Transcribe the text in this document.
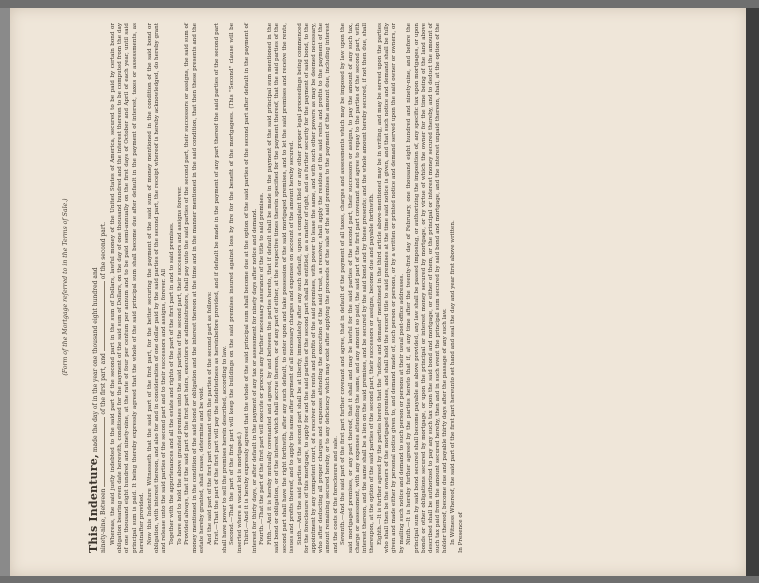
(Form of the Mortgage referred to in the Terms of Sale.)
This Indenture, made the day of in the year one thousand eight hundred and
ninety-nine, Between  of the first part, and  of the second part. Whereas, the said justly indebted to the said part of the second part in the sum of Dollars, lawful money of the United States of America, secured to be paid by certain bond or obligation bearing even date herewith, conditioned for the payment of the said sum of Dollars, on the day of one thousand hundred and the interest thereon to be computed from the day of one thousand eight hundred and ninety-nine, at the rate of four per centum per annum and to be paid semi-annually on the first days of October and April of each year, until said principal sum is paid. It being thereby expressly agreed that the whole of the said principal sum shall become due after default in the payment of interest, taxes or assessments, as hereinafter provided. Now this Indenture Witnesseth that the said part of the first part, for the better securing the payment of the said sum of money mentioned in the condition of the said bond or obligation, with interest thereon, and also for and in consideration of one dollar paid by the said parties of the second part, the receipt whereof is hereby acknowledged, do hereby grant and release unto the said parties of the second part and to their successors and assigns, forever. All Together with the appurtenances and all the estate and rights of the part of the first part in and to said premises. To have and to hold the above granted premises unto the said parties of the second part, their successors and assigns forever. Provided always, that if the said part of the first part heirs, executors or administrators, shall pay unto the said parties of the second part, their successors or assigns, the said sum of money mentioned in the condition of the said bond or obligation and the interest thereon at the time and in the manner mentioned in the said condition, that then these presents and the estate hereby granted, shall cease, determine and be void. And the said part of the first part covenant with the parties of the second part as follows: First.—That the part of the first part will pay the indebtedness as hereinbefore provided, and if default be made in the payment of any part thereof the said parties of the second part shall have power to sell the premises herein described, according to law. Second.—That the part of the first part will keep the buildings on the said premises insured against loss by fire for the benefit of the mortgagees. (This "Second" clause will be inserted where a vacant lot is mortgaged.) Third.—And it is hereby expressly agreed that the whole of the said principal sum shall become due at the option of the said parties of the second part after default in the payment of interest for thirty days, or after default in the payment of any tax or assessment for ninety days after notice and demand. Fourth.—That the part of the first part will execute or procure any further necessary assurance of the title to said premises. Fifth.—And it is hereby mutually covenanted and agreed, by and between the parties hereto, that if default shall be made in the payment of the said principal sum mentioned in the said bond or obligation, or of the interest which shall accrue thereon, or of any part of either, at the respective times therein specified for the payment thereof, that the said parties of the second part shall have the right forthwith, after any such default, to enter upon and take possession of the said mortgaged premises, and to let the said premises and receive the rents, issues and profits thereof, and to apply the same after payment of all necessary charges and expenses on account of the amount hereby secured. Sixth.—And the said parties of the second part shall be at liberty, immediately after any such default, upon a complaint filed or any other proper legal proceedings being commenced for the foreclosure of this mortgage, to apply for and the said parties of the second part shall be entitled, as a matter of right, and as further security for the payment of said bond, to the appointment by any competent court, of a receiver of the rents and profits of the said premises, with power to lease the same, and with such other powers as may be deemed necessary, who after deducting all proper charges and expenses attending the execution of the said trust, as receiver, shall apply the residue of the said rents and profits to the payment of the amount remaining secured hereby, or to any deficiency which may exist after applying the proceeds of the sale of the said premises to the payment of the amount due, including interest and the costs of the foreclosure and sale. Seventh.—And the said part of the first part further covenant and agree, that in default of the payment of all taxes, charges and assessments which may be imposed by law upon the said mortgaged premises, or any part thereof, that it shall and may be lawful for the said parties of the second part, their successors or assigns, to pay the amount of any such tax, charge or assessment, with any expenses attending the same, and any amount so paid, the said part of the first part covenant and agree to repay to the parties of the second part, with interest thereon, and the same shall be a lien on the said premises, and be secured by the said bond and by these presents; and the whole amount hereby secured, if not then due, shall thereupon, at the option of the said parties of the second part, their successors or assigns, become due and payable forthwith. Eighth.—It is further agreed by the parties hereto that the "notice and demand" mentioned in the third article above-mentioned may be in writing, and may be served upon the parties who shall then be the owners of the mortgaged premises, and shall hold the record title to said premises at the time said notice is given, and that such notice and demand shall be fully given and made either by personal notice given to, and demand made of, such person or persons, or by a written or printed notice and demand served upon the said owner or owners, or by mailing such notice and demand to such person or persons at their usual post-office addresses. Ninth.—It is hereby further agreed by the parties hereto that if, at any time after the twenty-first day of February, one thousand eight hundred and ninety-nine, and before the principal sum by said bond secured shall become payable as above provided, any law shall be passed imposing, or authorizing the imposition of, any specific tax upon mortgages, or upon bonds or other obligations secured by mortgage, or upon the principal or interest money secured by mortgage, or by virtue of which the owner for the time being of the land above described shall be authorized to pay any such tax upon the said bond and mortgage, or either of them, or the principal or interest money secured thereby, and to deduct the amount of such tax paid from the amount secured hereby, then and in such event the principal sum secured by said bond and mortgage, and the interest unpaid thereon, shall, at the option of the holder thereof, become due and payable thirty days after the passage of any such law. In Witness Whereof, the said part of the first part hereunto set hand and seal the day and year first above written. In Presence of
